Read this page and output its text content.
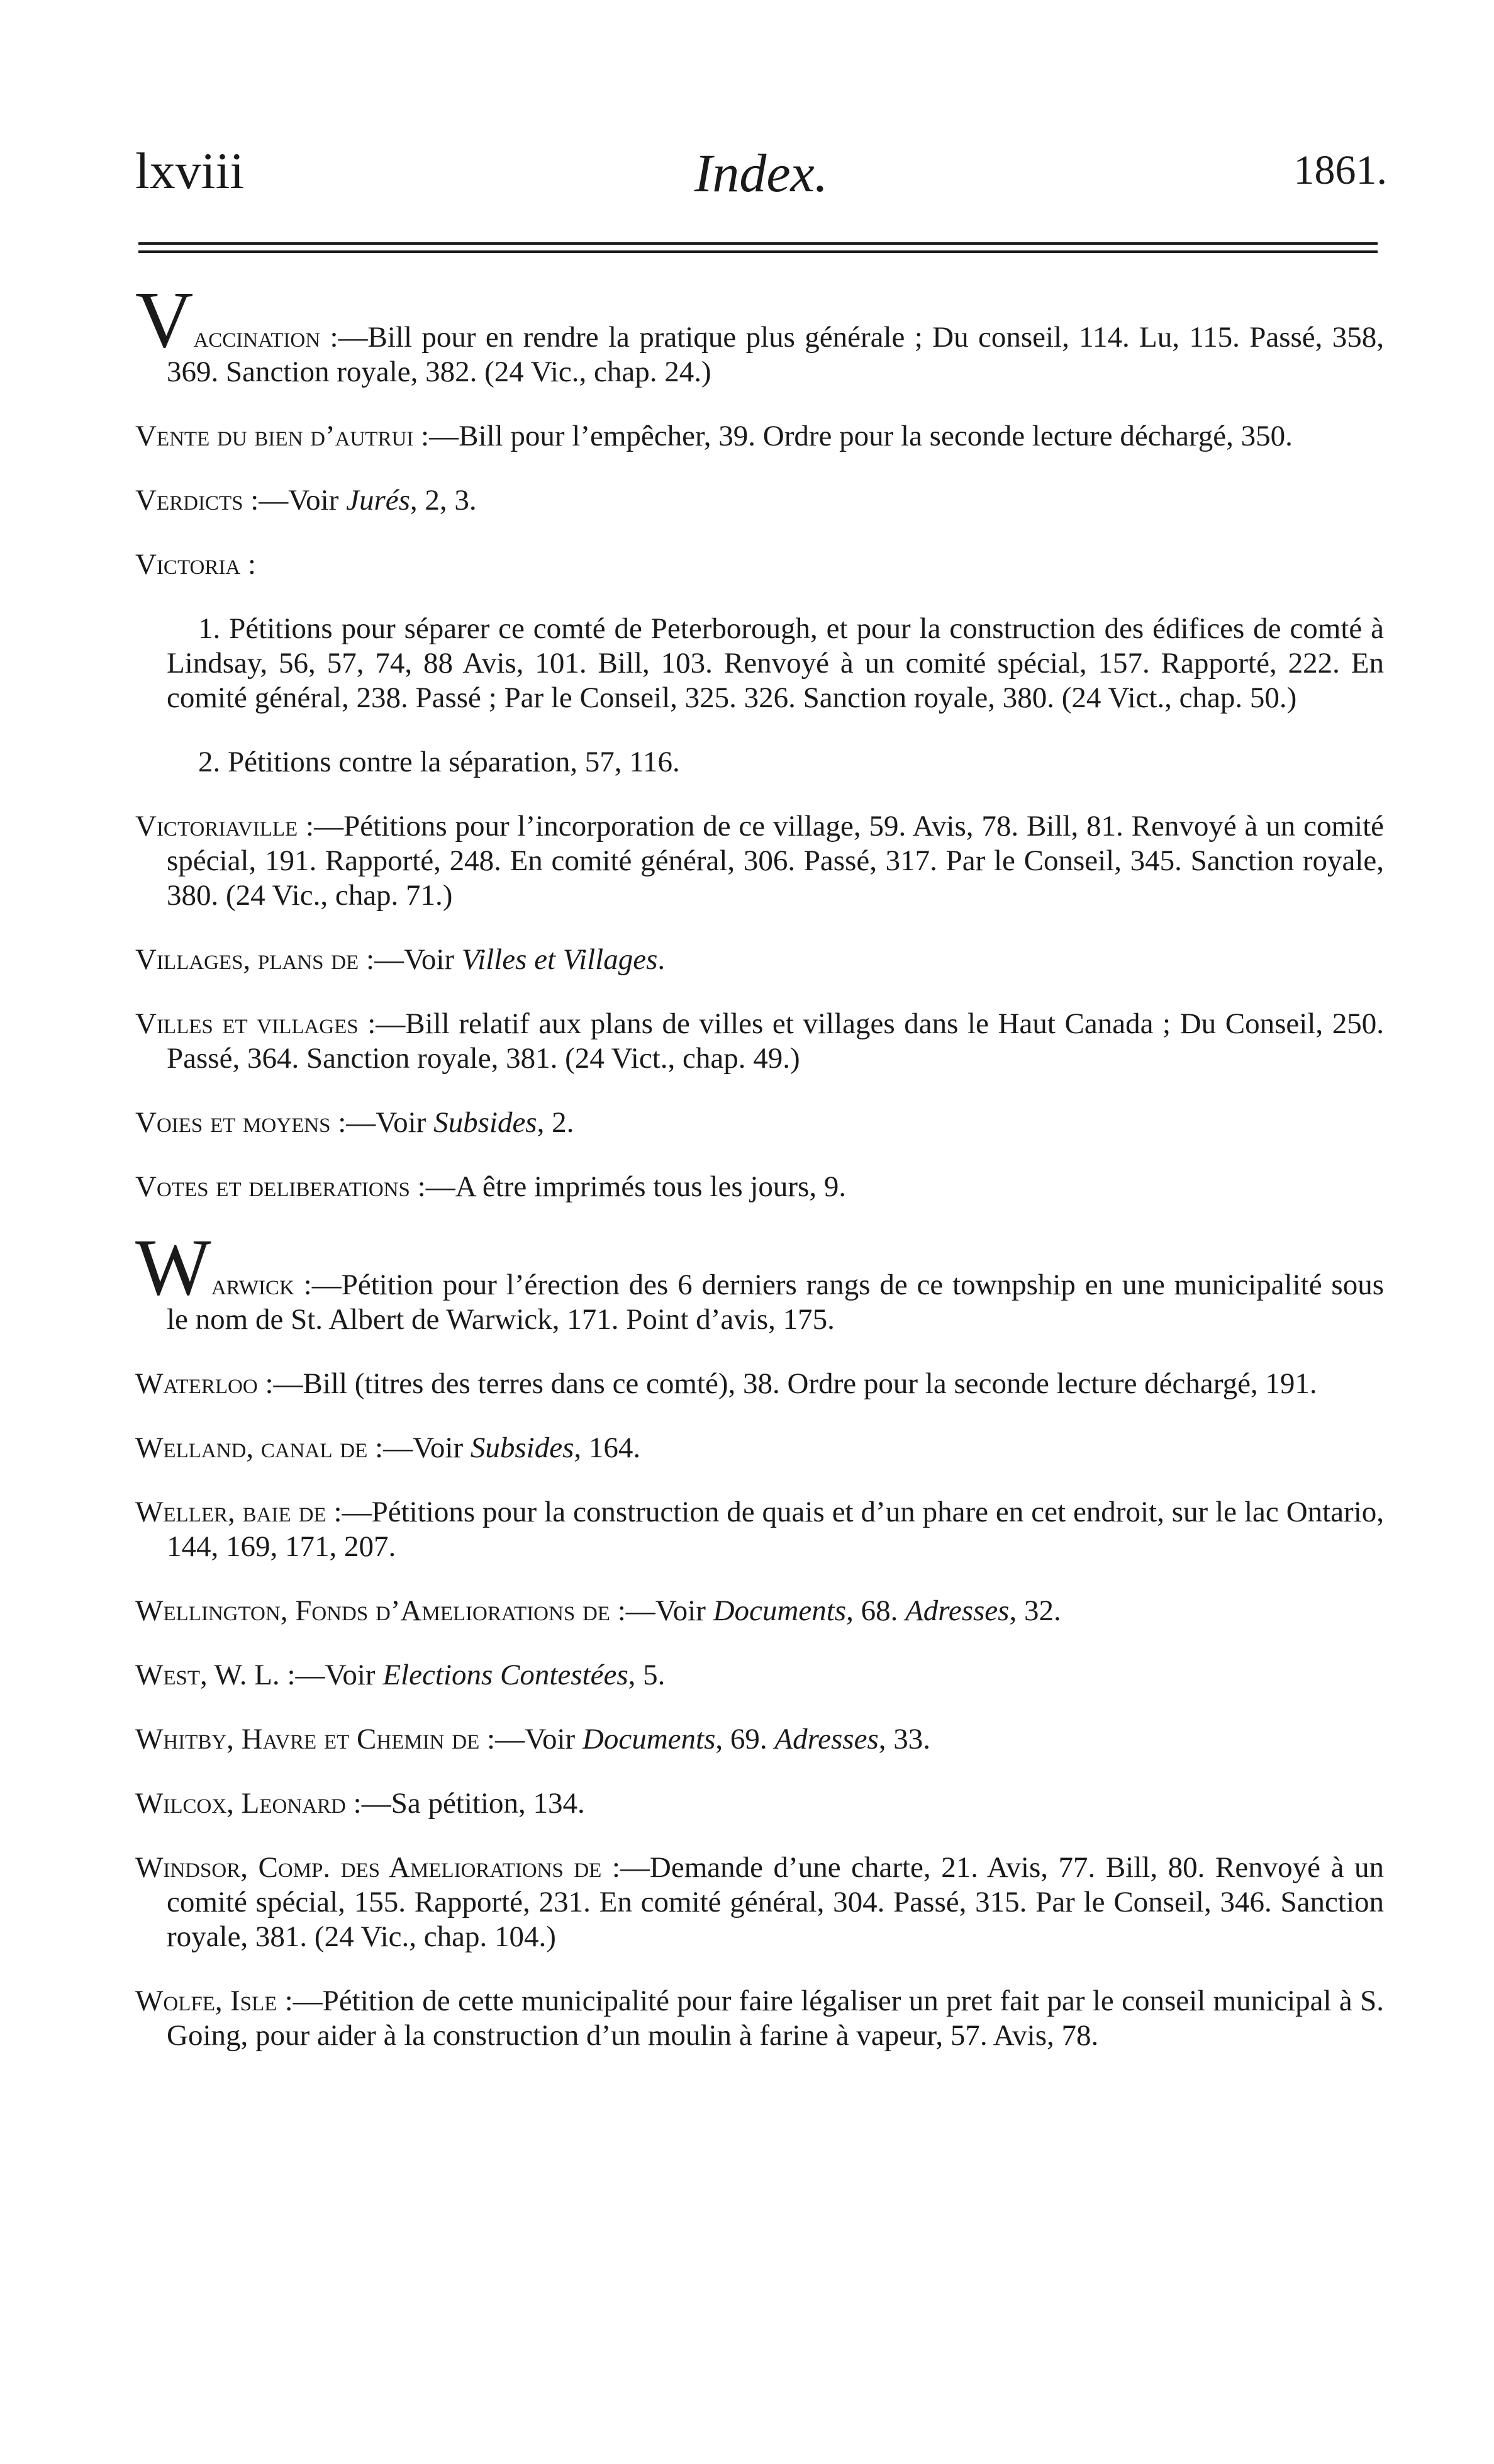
lxviii	Index.	1861.

Vaccination :—Bill pour en rendre la pratique plus générale ; Du conseil, 114. Lu, 115. Passé, 358, 369. Sanction royale, 382. (24 Vic., chap. 24.)

Vente du bien d’autrui :—Bill pour l’empêcher, 39. Ordre pour la seconde lecture déchargé, 350.

Verdicts :—Voir Jurés, 2, 3.

Victoria :

1. Pétitions pour séparer ce comté de Peterborough, et pour la construction des édifices de comté à Lindsay, 56, 57, 74, 88 Avis, 101. Bill, 103. Renvoyé à un comité spécial, 157. Rapporté, 222. En comité général, 238. Passé ; Par le Conseil, 325. 326. Sanction royale, 380. (24 Vict., chap. 50.)

2. Pétitions contre la séparation, 57, 116.

Victoriaville :—Pétitions pour l’incorporation de ce village, 59. Avis, 78. Bill, 81. Renvoyé à un comité spécial, 191. Rapporté, 248. En comité général, 306. Passé, 317. Par le Conseil, 345. Sanction royale, 380. (24 Vic., chap. 71.)

Villages, plans de :—Voir Villes et Villages.

Villes et villages :—Bill relatif aux plans de villes et villages dans le Haut Canada ; Du Conseil, 250. Passé, 364. Sanction royale, 381. (24 Vict., chap. 49.)

Voies et moyens :—Voir Subsides, 2.

Votes et deliberations :—A être imprimés tous les jours, 9.

Warwick :—Pétition pour l’érection des 6 derniers rangs de ce townpship en une municipalité sous le nom de St. Albert de Warwick, 171. Point d’avis, 175.

Waterloo :—Bill (titres des terres dans ce comté), 38. Ordre pour la seconde lecture déchargé, 191.

Welland, canal de :—Voir Subsides, 164.

Weller, baie de :—Pétitions pour la construction de quais et d’un phare en cet endroit, sur le lac Ontario, 144, 169, 171, 207.

Wellington, Fonds d’Ameliorations de :—Voir Documents, 68. Adresses, 32.

West, W. L. :—Voir Elections Contestées, 5.

Whitby, Havre et Chemin de :—Voir Documents, 69. Adresses, 33.

Wilcox, Leonard :—Sa pétition, 134.

Windsor, Comp. des Ameliorations de :—Demande d’une charte, 21. Avis, 77. Bill, 80. Renvoyé à un comité spécial, 155. Rapporté, 231. En comité général, 304. Passé, 315. Par le Conseil, 346. Sanction royale, 381. (24 Vic., chap. 104.)

Wolfe, Isle :—Pétition de cette municipalité pour faire légaliser un pret fait par le conseil municipal à S. Going, pour aider à la construction d’un moulin à farine à vapeur, 57. Avis, 78.
